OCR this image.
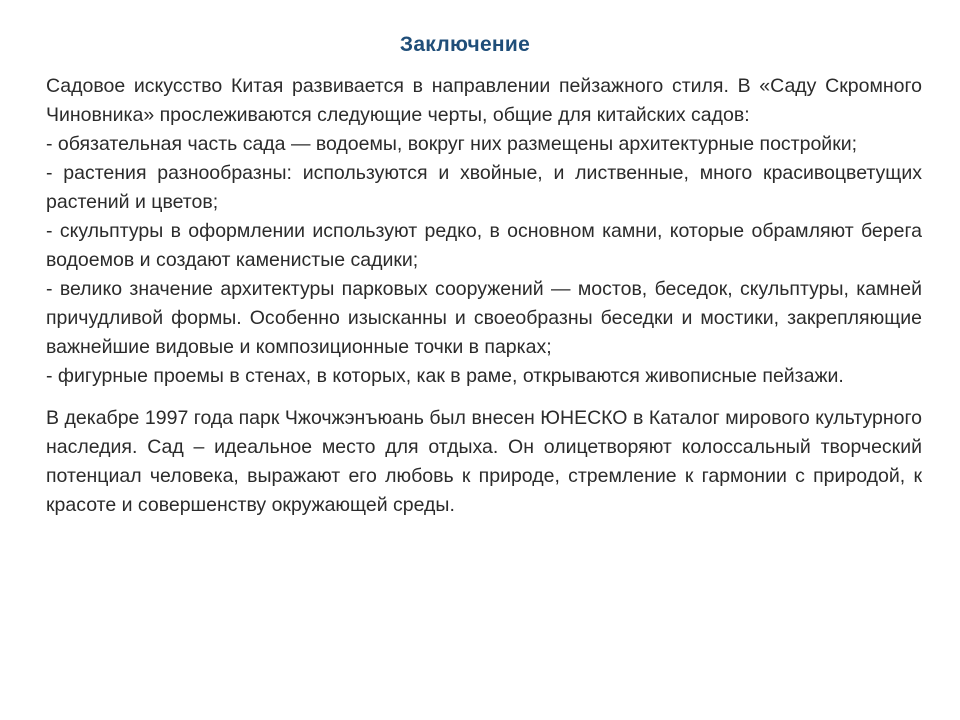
Заключение

Садовое искусство Китая развивается в направлении пейзажного стиля. В «Саду Скромного Чиновника» прослеживаются следующие черты, общие для китайских садов:

- обязательная часть сада — водоемы, вокруг них размещены архитектурные постройки;

- растения разнообразны: используются и хвойные, и лиственные, много красивоцветущих растений и цветов;

- скульптуры в оформлении используют редко, в основном камни, которые обрамляют берега водоемов и создают каменистые садики;

- велико значение архитектуры парковых сооружений — мостов, беседок, скульптуры, камней причудливой формы. Особенно изысканны и своеобразны беседки и мостики, закрепляющие важнейшие видовые и композиционные точки в парках;

- фигурные проемы в стенах, в которых, как в раме, открываются живописные пейзажи.

В декабре 1997 года парк Чжочжэнъюань был внесен ЮНЕСКО в Каталог мирового культурного наследия. Сад – идеальное место для отдыха. Он олицетворяют колоссальный творческий потенциал человека, выражают его любовь к природе, стремление к гармонии с природой, к красоте и совершенству окружающей среды.
